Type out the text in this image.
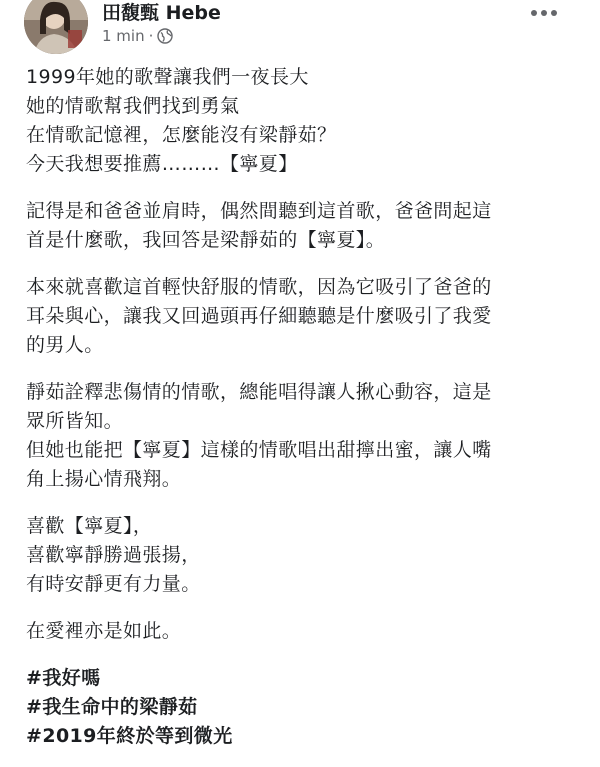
田馥甄 Hebe
1 min ·
1999年她的歌聲讓我們一夜長大
她的情歌幫我們找到勇氣
在情歌記憶裡，怎麼能沒有梁靜茹？
今天我想要推薦………【寧夏】
記得是和爸爸並肩時，偶然間聽到這首歌，爸爸問起這
首是什麼歌，我回答是梁靜茹的【寧夏】。
本來就喜歡這首輕快舒服的情歌，因為它吸引了爸爸的
耳朵與心，讓我又回過頭再仔細聽聽是什麼吸引了我愛
的男人。
靜茹詮釋悲傷情的情歌，總能唱得讓人揪心動容，這是
眾所皆知。
但她也能把【寧夏】這樣的情歌唱出甜擰出蜜，讓人嘴
角上揚心情飛翔。
喜歡【寧夏】，
喜歡寧靜勝過張揚，
有時安靜更有力量。
在愛裡亦是如此。
#我好嗎
#我生命中的梁靜茹
#2019年終於等到微光
